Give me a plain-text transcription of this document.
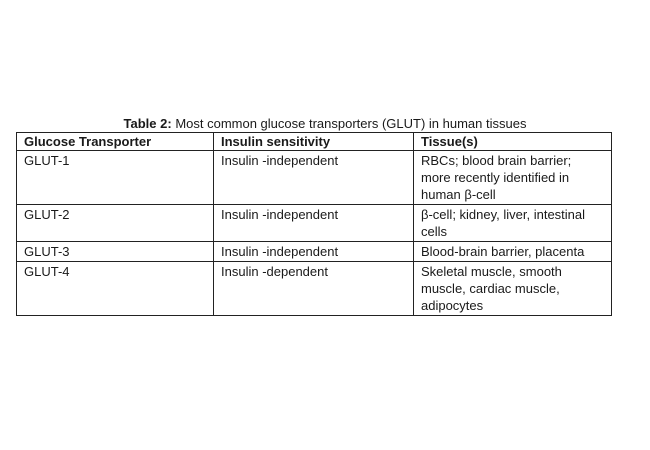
Table 2: Most common glucose transporters (GLUT) in human tissues

Glucose Transporter	Insulin sensitivity	Tissue(s)
GLUT-1	Insulin -independent	RBCs; blood brain barrier;
more recently identified in
human β-cell
GLUT-2	Insulin -independent	β-cell; kidney, liver, intestinal
cells
GLUT-3	Insulin -independent	Blood-brain barrier, placenta
GLUT-4	Insulin -dependent	Skeletal muscle, smooth
muscle, cardiac muscle,
adipocytes
